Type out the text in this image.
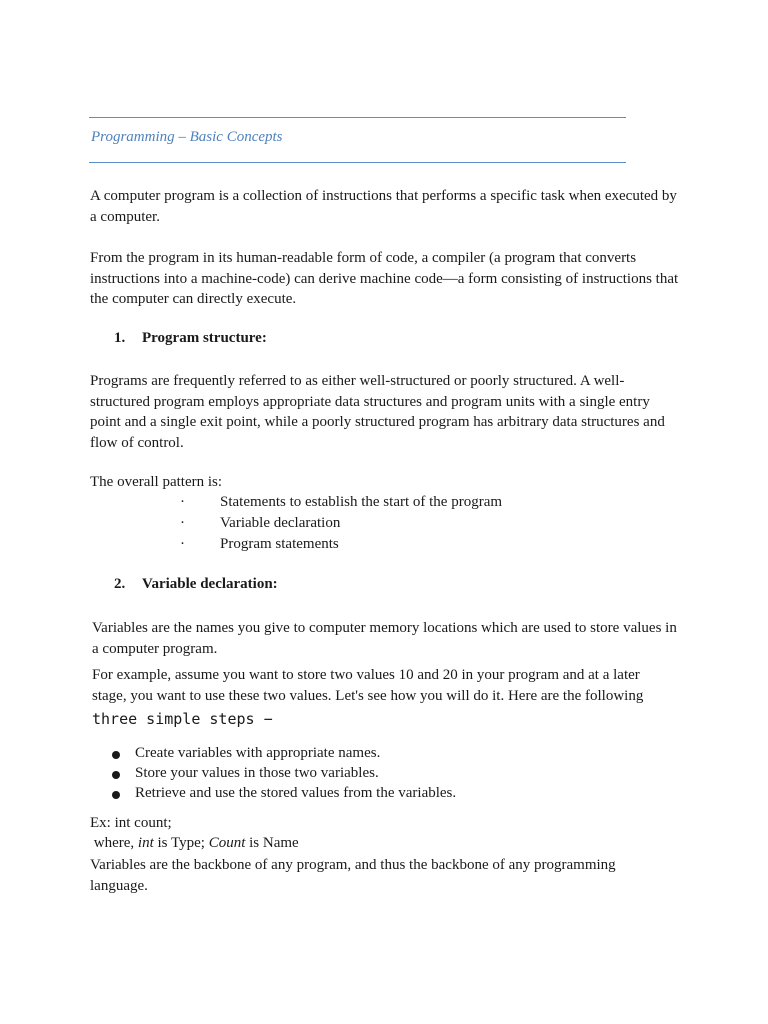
Programming – Basic Concepts
A computer program is a collection of instructions that performs a specific task when executed by a computer.
From the program in its human-readable form of code, a compiler (a program that converts instructions into a machine-code) can derive machine code—a form consisting of instructions that the computer can directly execute.
1. Program structure:
Programs are frequently referred to as either well-structured or poorly structured. A well-structured program employs appropriate data structures and program units with a single entry point and a single exit point, while a poorly structured program has arbitrary data structures and flow of control.
The overall pattern is:
· Statements to establish the start of the program
· Variable declaration
· Program statements
2. Variable declaration:
Variables are the names you give to computer memory locations which are used to store values in a computer program.
For example, assume you want to store two values 10 and 20 in your program and at a later
stage, you want to use these two values. Let's see how you will do it. Here are the following
three simple steps −
Create variables with appropriate names.
Store your values in those two variables.
Retrieve and use the stored values from the variables.
Ex: int count;
where, int is Type; Count is Name
Variables are the backbone of any program, and thus the backbone of any programming language.
